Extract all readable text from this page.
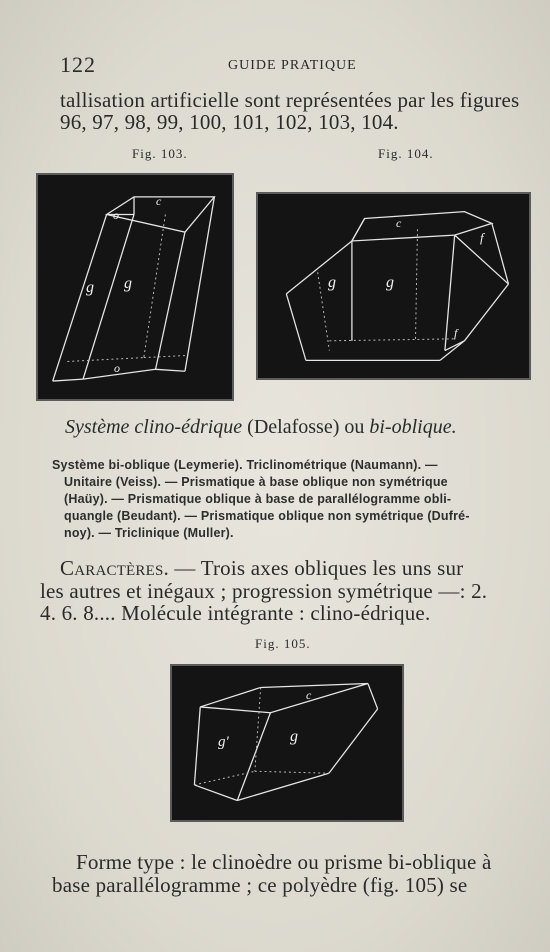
122	GUIDE PRATIQUE
tallisation artificielle sont représentées par les figures
96, 97, 98, 99, 100, 101, 102, 103, 104.
Fig. 103.	Fig. 104.
o
c
g g
o
c
f
g	g
f
Système clino-édrique (Delafosse) ou bi-oblique.
Système bi-oblique (Leymerie). Triclinométrique (Naumann). —
Unitaire (Veiss). — Prismatique à base oblique non symétrique
(Haüy). — Prismatique oblique à base de parallélogramme obli-
quangle (Beudant). — Prismatique oblique non symétrique (Dufré-
noy). — Triclinique (Muller).
Caractères. — Trois axes obliques les uns sur
les autres et inégaux ; progression symétrique —: 2.
4. 6. 8.... Molécule intégrante : clino-édrique.
Fig. 105.
c
g'	g
Forme type : le clinoèdre ou prisme bi-oblique à
base parallélogramme ; ce polyèdre (fig. 105) se
